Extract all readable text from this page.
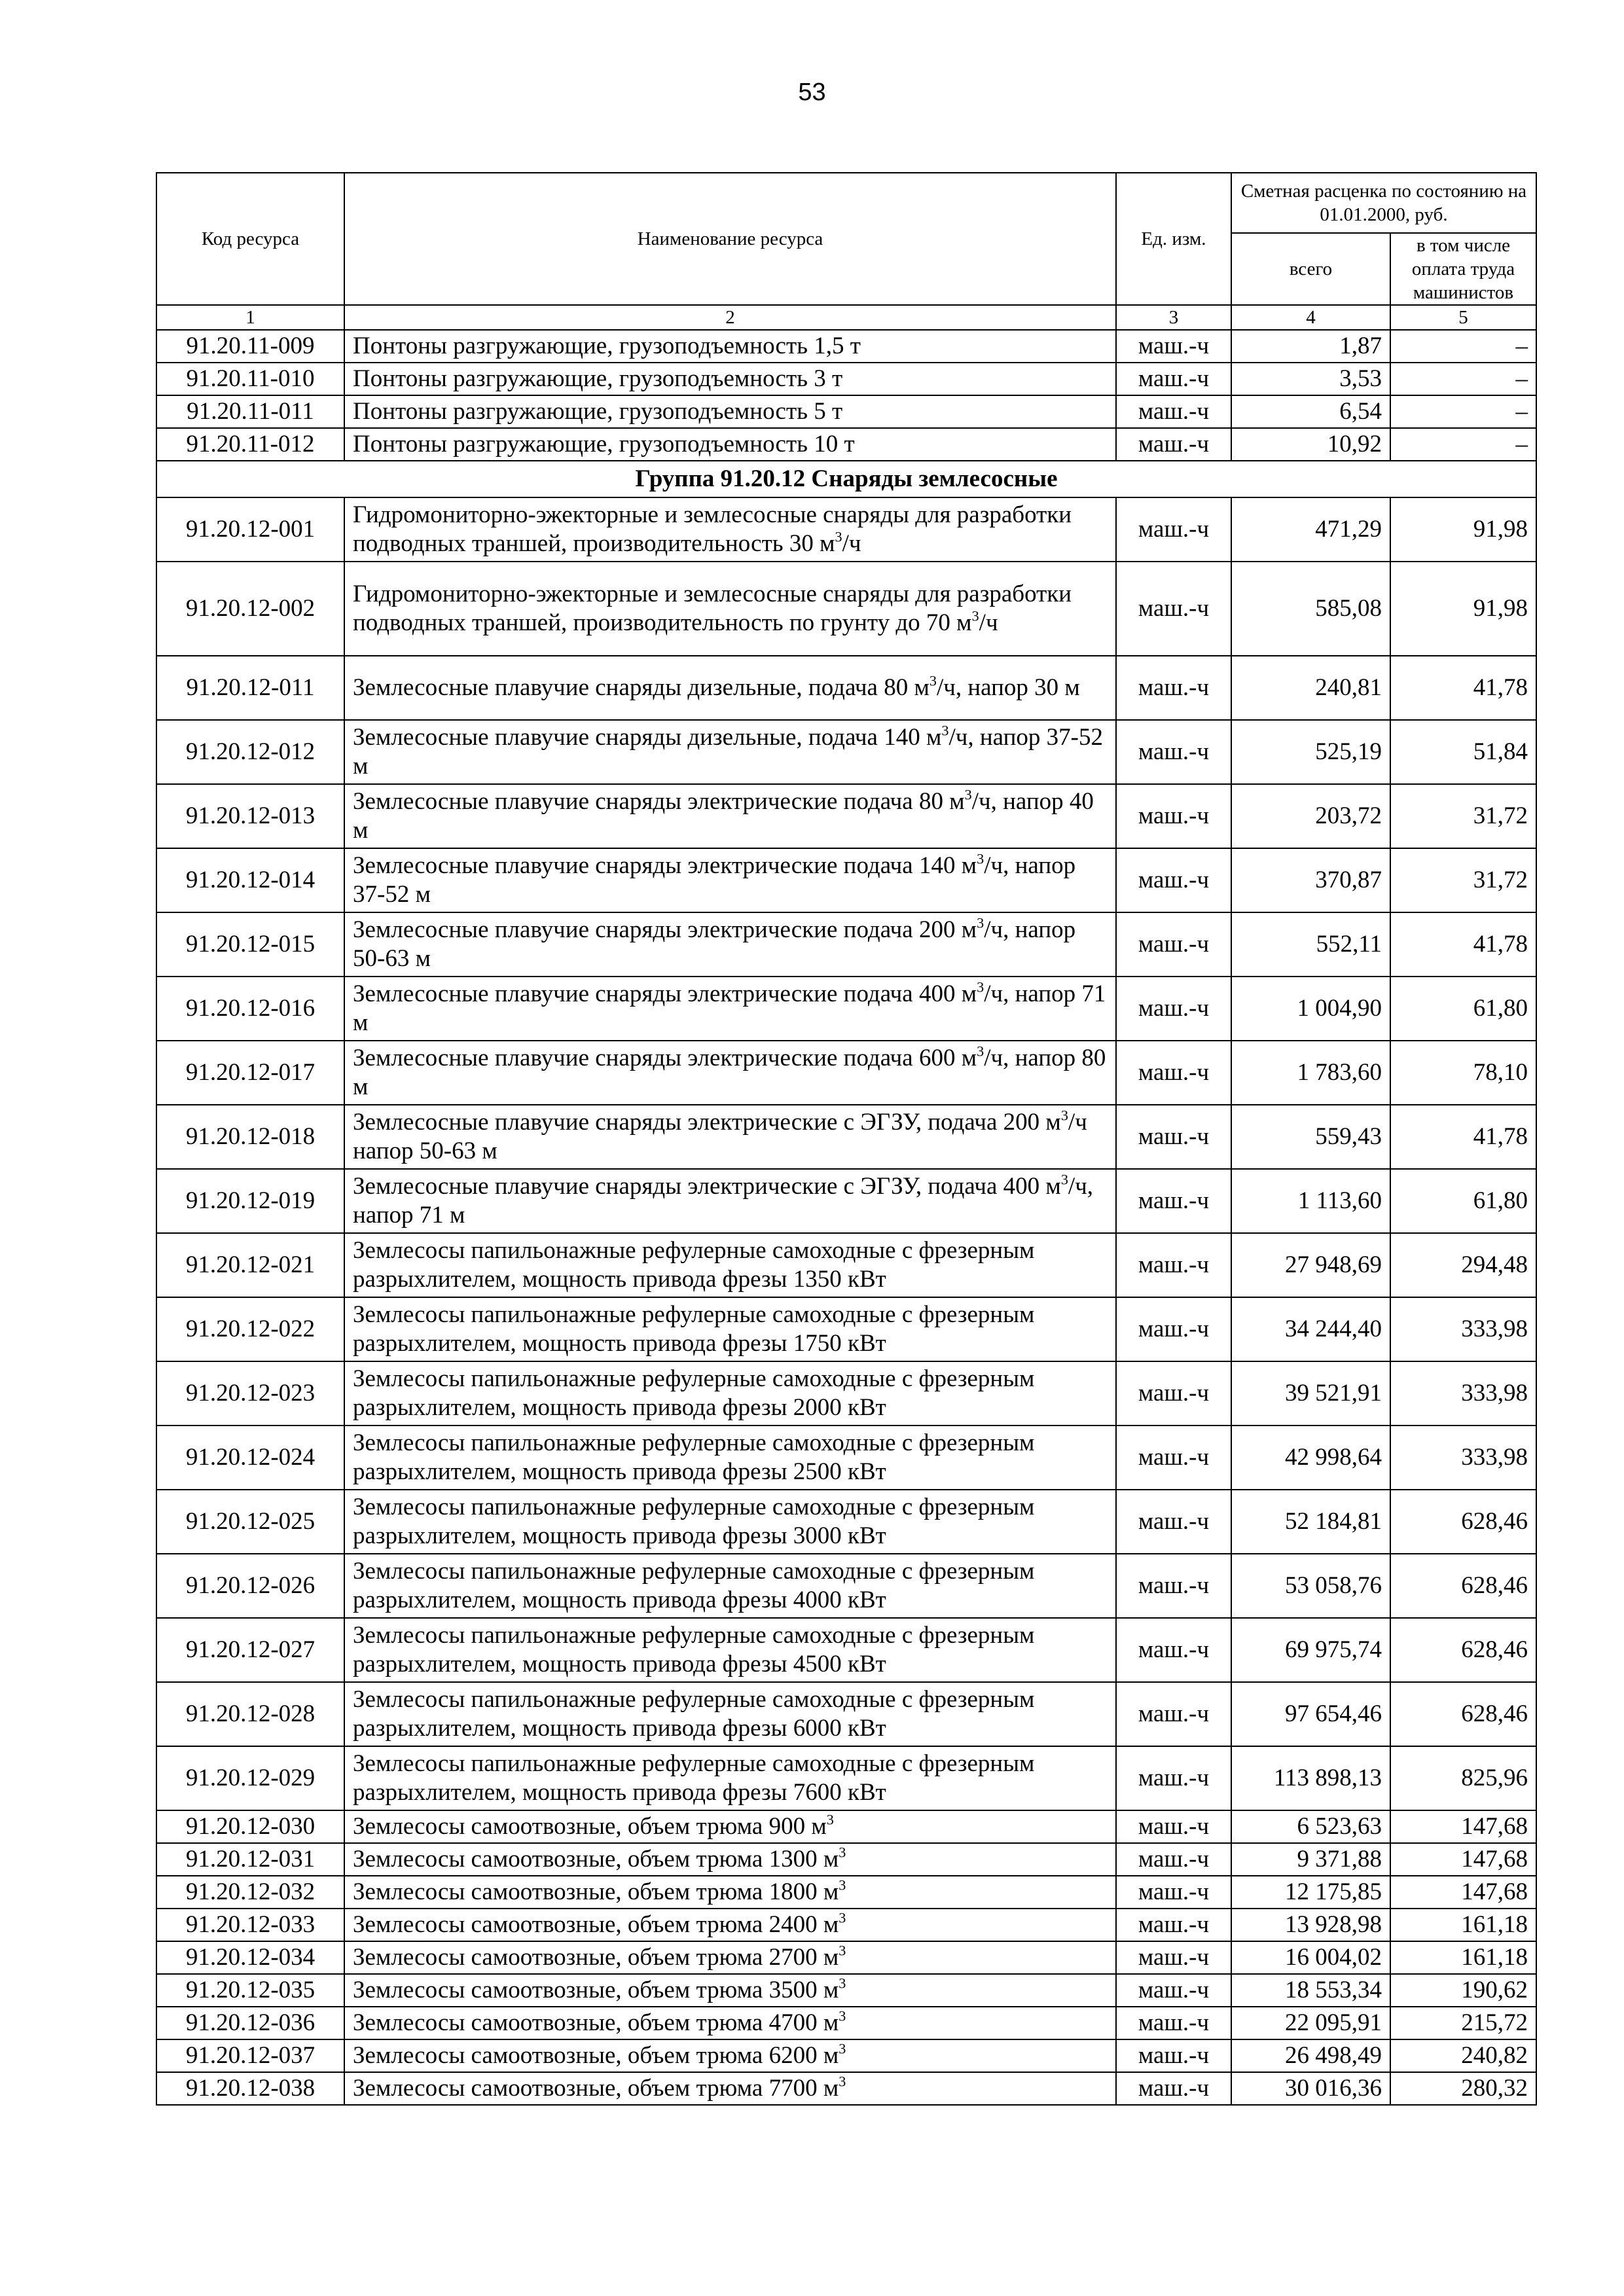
53
Код ресурса	Наименование ресурса	Ед. изм.	Сметная расценка по состоянию на 01.01.2000, руб.	
			всего	в том числе оплата труда машинистов
1	2	3	4	5
91.20.11-009	Понтоны разгружающие, грузоподъемность 1,5 т	маш.-ч	1,87	–
91.20.11-010	Понтоны разгружающие, грузоподъемность 3 т	маш.-ч	3,53	–
91.20.11-011	Понтоны разгружающие, грузоподъемность 5 т	маш.-ч	6,54	–
91.20.11-012	Понтоны разгружающие, грузоподъемность 10 т	маш.-ч	10,92	–
Группа 91.20.12 Снаряды землесосные				
91.20.12-001	Гидромониторно-эжекторные и землесосные снаряды для разработки подводных траншей, производительность 30 $м^3/ч$	маш.-ч	471,29	91,98
91.20.12-002	Гидромониторно-эжекторные и землесосные снаряды для разработки подводных траншей, производительность по грунту до 70 $м^3/ч$	маш.-ч	585,08	91,98
91.20.12-011	Землесосные плавучие снаряды дизельные, подача 80 $м^3/ч$, напор 30 м	маш.-ч	240,81	41,78
91.20.12-012	Землесосные плавучие снаряды дизельные, подача 140 $м^3/ч$, напор 37-52 м	маш.-ч	525,19	51,84
91.20.12-013	Землесосные плавучие снаряды электрические подача 80 $м^3/ч$, напор 40 м	маш.-ч	203,72	31,72
91.20.12-014	Землесосные плавучие снаряды электрические подача 140 $м^3/ч$, напор 37-52 м	маш.-ч	370,87	31,72
91.20.12-015	Землесосные плавучие снаряды электрические подача 200 $м^3/ч$, напор 50-63 м	маш.-ч	552,11	41,78
91.20.12-016	Землесосные плавучие снаряды электрические подача 400 $м^3/ч$, напор 71 м	маш.-ч	1 004,90	61,80
91.20.12-017	Землесосные плавучие снаряды электрические подача 600 $м^3/ч$, напор 80 м	маш.-ч	1 783,60	78,10
91.20.12-018	Землесосные плавучие снаряды электрические с ЭГЗУ, подача 200 $м^3/ч$ напор 50-63 м	маш.-ч	559,43	41,78
91.20.12-019	Землесосные плавучие снаряды электрические с ЭГЗУ, подача 400 $м^3/ч$, напор 71 м	маш.-ч	1 113,60	61,80
91.20.12-021	Землесосы папильонажные рефулерные самоходные с фрезерным разрыхлителем, мощность привода фрезы 1350 кВт	маш.-ч	27 948,69	294,48
91.20.12-022	Землесосы папильонажные рефулерные самоходные с фрезерным разрыхлителем, мощность привода фрезы 1750 кВт	маш.-ч	34 244,40	333,98
91.20.12-023	Землесосы папильонажные рефулерные самоходные с фрезерным разрыхлителем, мощность привода фрезы 2000 кВт	маш.-ч	39 521,91	333,98
91.20.12-024	Землесосы папильонажные рефулерные самоходные с фрезерным разрыхлителем, мощность привода фрезы 2500 кВт	маш.-ч	42 998,64	333,98
91.20.12-025	Землесосы папильонажные рефулерные самоходные с фрезерным разрыхлителем, мощность привода фрезы 3000 кВт	маш.-ч	52 184,81	628,46
91.20.12-026	Землесосы папильонажные рефулерные самоходные с фрезерным разрыхлителем, мощность привода фрезы 4000 кВт	маш.-ч	53 058,76	628,46
91.20.12-027	Землесосы папильонажные рефулерные самоходные с фрезерным разрыхлителем, мощность привода фрезы 4500 кВт	маш.-ч	69 975,74	628,46
91.20.12-028	Землесосы папильонажные рефулерные самоходные с фрезерным разрыхлителем, мощность привода фрезы 6000 кВт	маш.-ч	97 654,46	628,46
91.20.12-029	Землесосы папильонажные рефулерные самоходные с фрезерным разрыхлителем, мощность привода фрезы 7600 кВт	маш.-ч	113 898,13	825,96
91.20.12-030	Землесосы самоотвозные, объем трюма 900 $м^3$	маш.-ч	6 523,63	147,68
91.20.12-031	Землесосы самоотвозные, объем трюма 1300 $м^3$	маш.-ч	9 371,88	147,68
91.20.12-032	Землесосы самоотвозные, объем трюма 1800 $м^3$	маш.-ч	12 175,85	147,68
91.20.12-033	Землесосы самоотвозные, объем трюма 2400 $м^3$	маш.-ч	13 928,98	161,18
91.20.12-034	Землесосы самоотвозные, объем трюма 2700 $м^3$	маш.-ч	16 004,02	161,18
91.20.12-035	Землесосы самоотвозные, объем трюма 3500 $м^3$	маш.-ч	18 553,34	190,62
91.20.12-036	Землесосы самоотвозные, объем трюма 4700 $м^3$	маш.-ч	22 095,91	215,72
91.20.12-037	Землесосы самоотвозные, объем трюма 6200 $м^3$	маш.-ч	26 498,49	240,82
91.20.12-038	Землесосы самоотвозные, объем трюма 7700 $м^3$	маш.-ч	30 016,36	280,32
